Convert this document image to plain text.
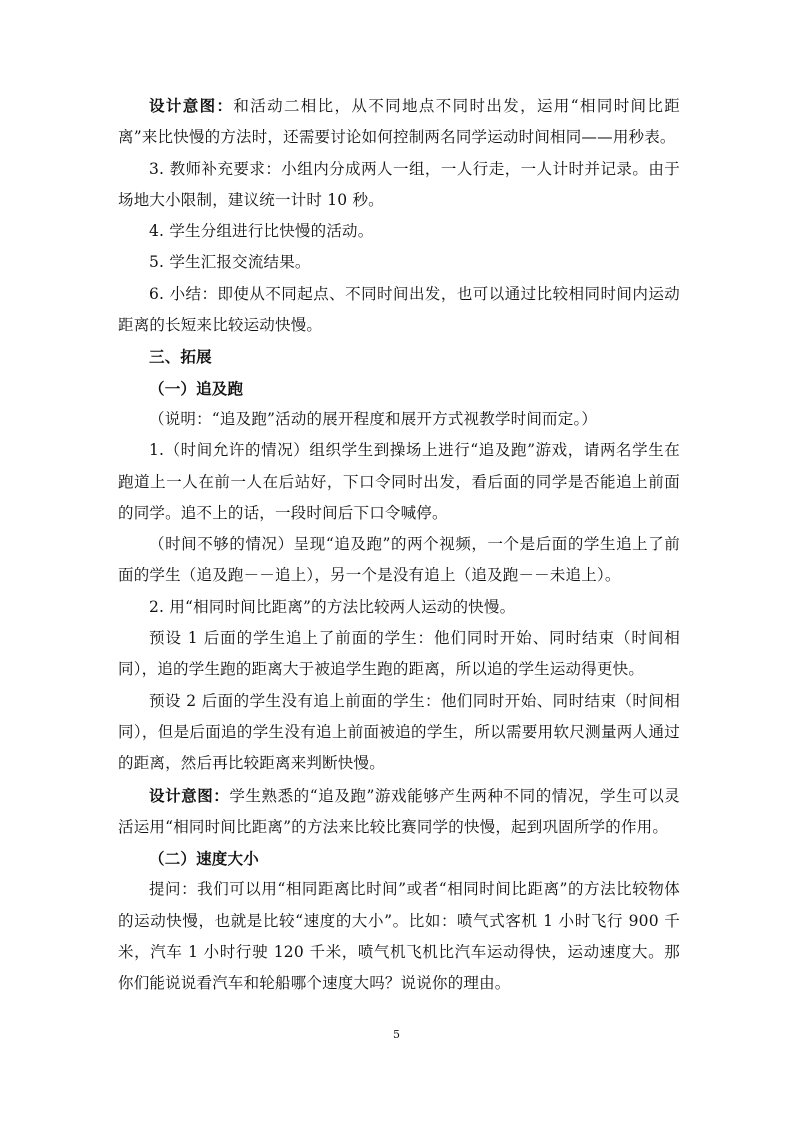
设计意图：和活动二相比，从不同地点不同时出发，运用“相同时间比距离”来比快慢的方法时，还需要讨论如何控制两名同学运动时间相同——用秒表。

3. 教师补充要求：小组内分成两人一组，一人行走，一人计时并记录。由于场地大小限制，建议统一计时 10 秒。

4. 学生分组进行比快慢的活动。

5. 学生汇报交流结果。

6. 小结：即使从不同起点、不同时间出发，也可以通过比较相同时间内运动距离的长短来比较运动快慢。

三、拓展

（一）追及跑

（说明：“追及跑”活动的展开程度和展开方式视教学时间而定。）

1.（时间允许的情况）组织学生到操场上进行“追及跑”游戏，请两名学生在跑道上一人在前一人在后站好，下口令同时出发，看后面的同学是否能追上前面的同学。追不上的话，一段时间后下口令喊停。

（时间不够的情况）呈现“追及跑”的两个视频，一个是后面的学生追上了前面的学生（追及跑－－追上），另一个是没有追上（追及跑－－未追上）。

2. 用“相同时间比距离”的方法比较两人运动的快慢。

预设 1 后面的学生追上了前面的学生：他们同时开始、同时结束（时间相同），追的学生跑的距离大于被追学生跑的距离，所以追的学生运动得更快。

预设 2 后面的学生没有追上前面的学生：他们同时开始、同时结束（时间相同），但是后面追的学生没有追上前面被追的学生，所以需要用软尺测量两人通过的距离，然后再比较距离来判断快慢。

设计意图：学生熟悉的“追及跑”游戏能够产生两种不同的情况，学生可以灵活运用“相同时间比距离”的方法来比较比赛同学的快慢，起到巩固所学的作用。

（二）速度大小

提问：我们可以用“相同距离比时间”或者“相同时间比距离”的方法比较物体的运动快慢，也就是比较“速度的大小”。比如：喷气式客机 1 小时飞行 900 千米，汽车 1 小时行驶 120 千米，喷气机飞机比汽车运动得快，运动速度大。那你们能说说看汽车和轮船哪个速度大吗？说说你的理由。

5
